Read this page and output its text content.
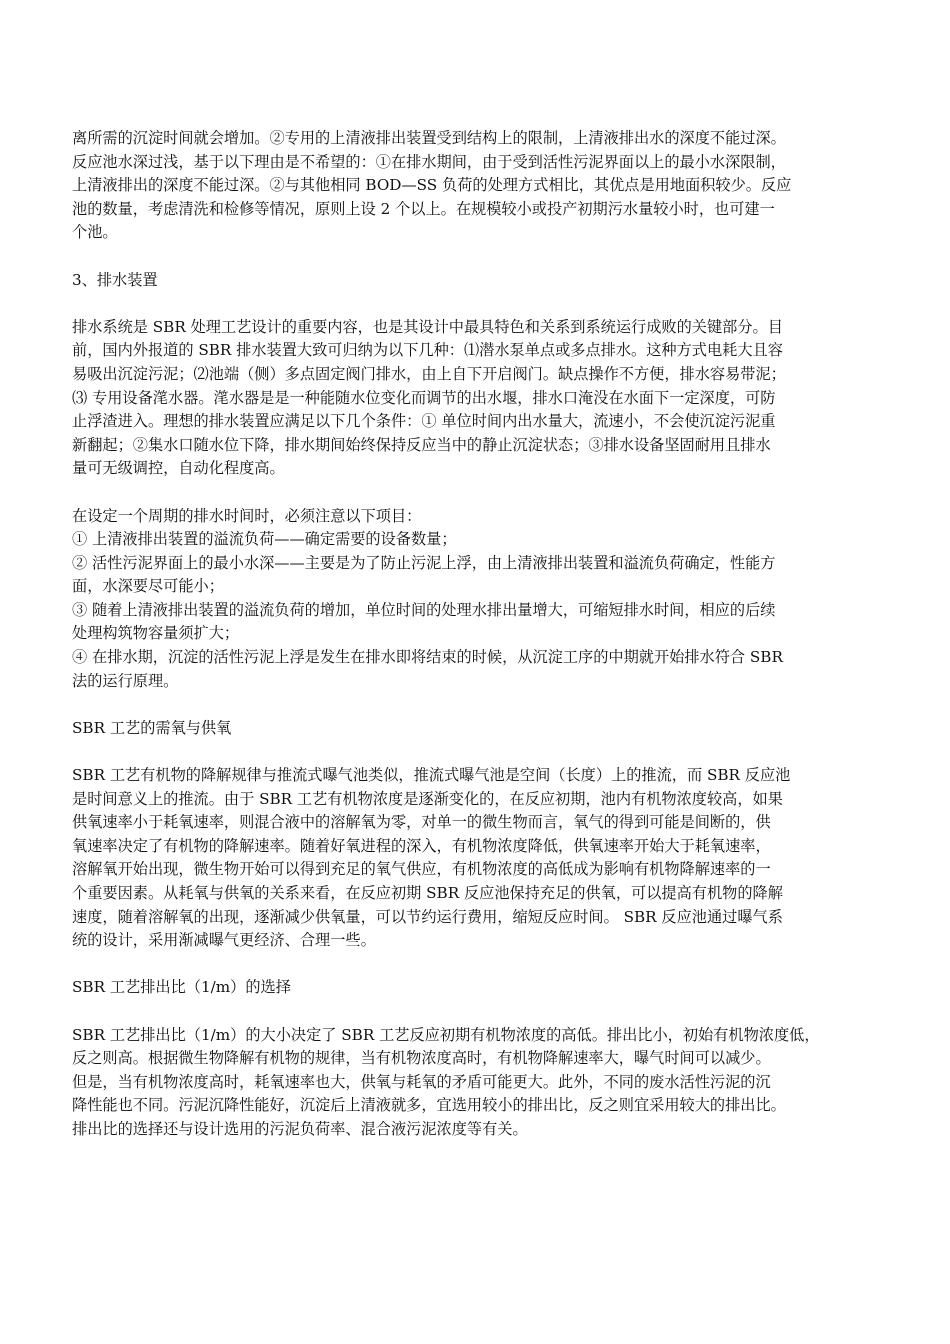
离所需的沉淀时间就会增加。②专用的上清液排出装置受到结构上的限制，上清液排出水的深度不能过深。
反应池水深过浅，基于以下理由是不希望的：①在排水期间，由于受到活性污泥界面以上的最小水深限制，
上清液排出的深度不能过深。②与其他相同 BOD—SS 负荷的处理方式相比，其优点是用地面积较少。反应
池的数量，考虑清洗和检修等情况，原则上设 2 个以上。在规模较小或投产初期污水量较小时，也可建一
个池。
3、排水装置
排水系统是 SBR 处理工艺设计的重要内容，也是其设计中最具特色和关系到系统运行成败的关键部分。目
前，国内外报道的 SBR 排水装置大致可归纳为以下几种：⑴潜水泵单点或多点排水。这种方式电耗大且容
易吸出沉淀污泥；⑵池端（侧）多点固定阀门排水，由上自下开启阀门。缺点操作不方便，排水容易带泥；
⑶ 专用设备滗水器。滗水器是是一种能随水位变化而调节的出水堰，排水口淹没在水面下一定深度，可防
止浮渣进入。理想的排水装置应满足以下几个条件：① 单位时间内出水量大，流速小，不会使沉淀污泥重
新翻起；②集水口随水位下降，排水期间始终保持反应当中的静止沉淀状态；③排水设备坚固耐用且排水
量可无级调控，自动化程度高。
在设定一个周期的排水时间时，必须注意以下项目：
① 上清液排出装置的溢流负荷——确定需要的设备数量；
② 活性污泥界面上的最小水深——主要是为了防止污泥上浮，由上清液排出装置和溢流负荷确定，性能方
面，水深要尽可能小；
③ 随着上清液排出装置的溢流负荷的增加，单位时间的处理水排出量增大，可缩短排水时间，相应的后续
处理构筑物容量须扩大；
④ 在排水期，沉淀的活性污泥上浮是发生在排水即将结束的时候，从沉淀工序的中期就开始排水符合 SBR
法的运行原理。
SBR 工艺的需氧与供氧
SBR 工艺有机物的降解规律与推流式曝气池类似，推流式曝气池是空间（长度）上的推流，而 SBR 反应池
是时间意义上的推流。由于 SBR 工艺有机物浓度是逐渐变化的，在反应初期，池内有机物浓度较高，如果
供氧速率小于耗氧速率，则混合液中的溶解氧为零，对单一的微生物而言，氧气的得到可能是间断的，供
氧速率决定了有机物的降解速率。随着好氧进程的深入，有机物浓度降低，供氧速率开始大于耗氧速率，
溶解氧开始出现，微生物开始可以得到充足的氧气供应，有机物浓度的高低成为影响有机物降解速率的一
个重要因素。从耗氧与供氧的关系来看，在反应初期 SBR 反应池保持充足的供氧，可以提高有机物的降解
速度，随着溶解氧的出现，逐渐减少供氧量，可以节约运行费用，缩短反应时间。 SBR 反应池通过曝气系
统的设计，采用渐减曝气更经济、合理一些。
SBR 工艺排出比（1/m）的选择
SBR 工艺排出比（1/m）的大小决定了 SBR 工艺反应初期有机物浓度的高低。排出比小，初始有机物浓度低，
反之则高。根据微生物降解有机物的规律，当有机物浓度高时，有机物降解速率大，曝气时间可以减少。
但是，当有机物浓度高时，耗氧速率也大，供氧与耗氧的矛盾可能更大。此外，不同的废水活性污泥的沉
降性能也不同。污泥沉降性能好，沉淀后上清液就多，宜选用较小的排出比，反之则宜采用较大的排出比。
排出比的选择还与设计选用的污泥负荷率、混合液污泥浓度等有关。
